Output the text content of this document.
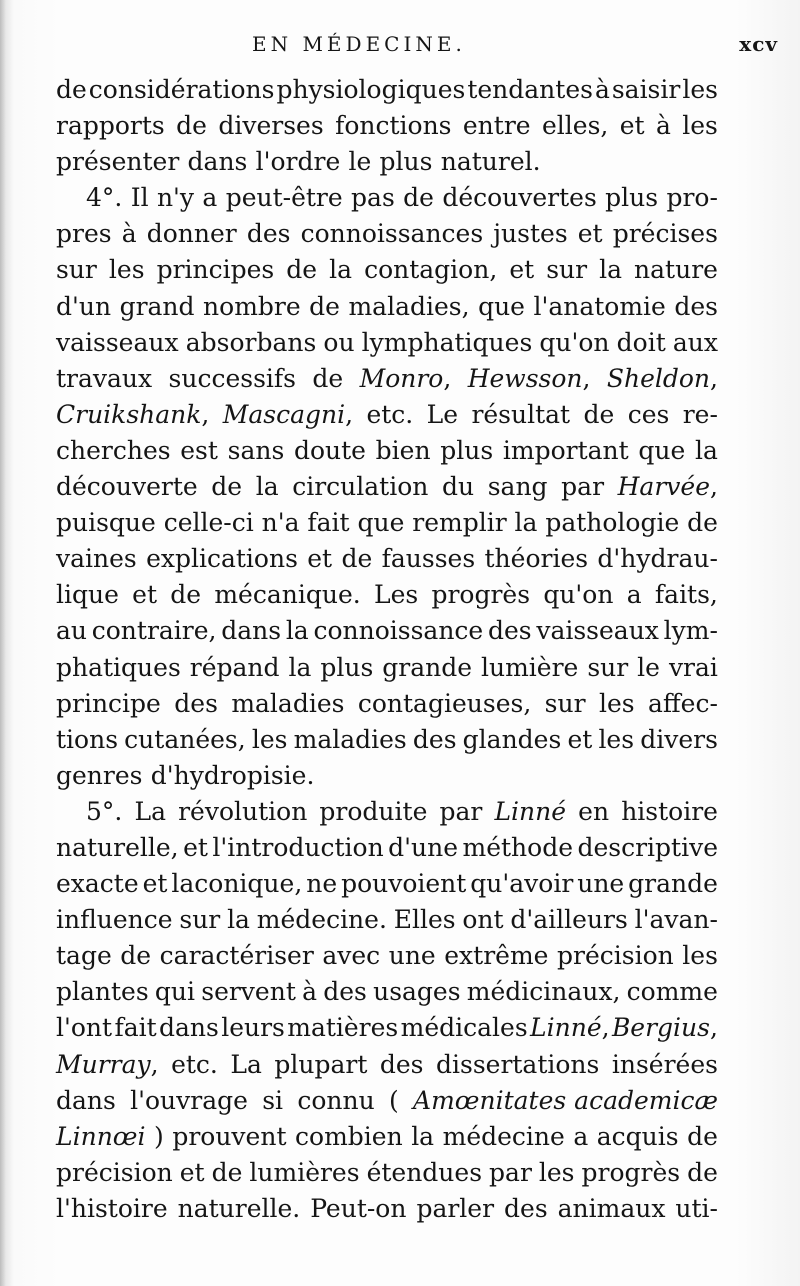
EN MÉDECINE.	xcv
de considérations physiologiques tendantes à saisir les
rapports de diverses fonctions entre elles, et à les
présenter dans l'ordre le plus naturel.
4°. Il n'y a peut-être pas de découvertes plus pro-
pres à donner des connoissances justes et précises
sur les principes de la contagion, et sur la nature
d'un grand nombre de maladies, que l'anatomie des
vaisseaux absorbans ou lymphatiques qu'on doit aux
travaux successifs de Monro, Hewsson, Sheldon,
Cruikshank, Mascagni, etc. Le résultat de ces re-
cherches est sans doute bien plus important que la
découverte de la circulation du sang par Harvée,
puisque celle-ci n'a fait que remplir la pathologie de
vaines explications et de fausses théories d'hydrau-
lique et de mécanique. Les progrès qu'on a faits,
au contraire, dans la connoissance des vaisseaux lym-
phatiques répand la plus grande lumière sur le vrai
principe des maladies contagieuses, sur les affec-
tions cutanées, les maladies des glandes et les divers
genres d'hydropisie.
5°. La révolution produite par Linné en histoire
naturelle, et l'introduction d'une méthode descriptive
exacte et laconique, ne pouvoient qu'avoir une grande
influence sur la médecine. Elles ont d'ailleurs l'avan-
tage de caractériser avec une extrême précision les
plantes qui servent à des usages médicinaux, comme
l'ont fait dans leurs matières médicales Linné, Bergius,
Murray, etc. La plupart des dissertations insérées
dans l'ouvrage si connu ( Amœnitates academicæ
Linnœi ) prouvent combien la médecine a acquis de
précision et de lumières étendues par les progrès de
l'histoire naturelle. Peut-on parler des animaux uti-
